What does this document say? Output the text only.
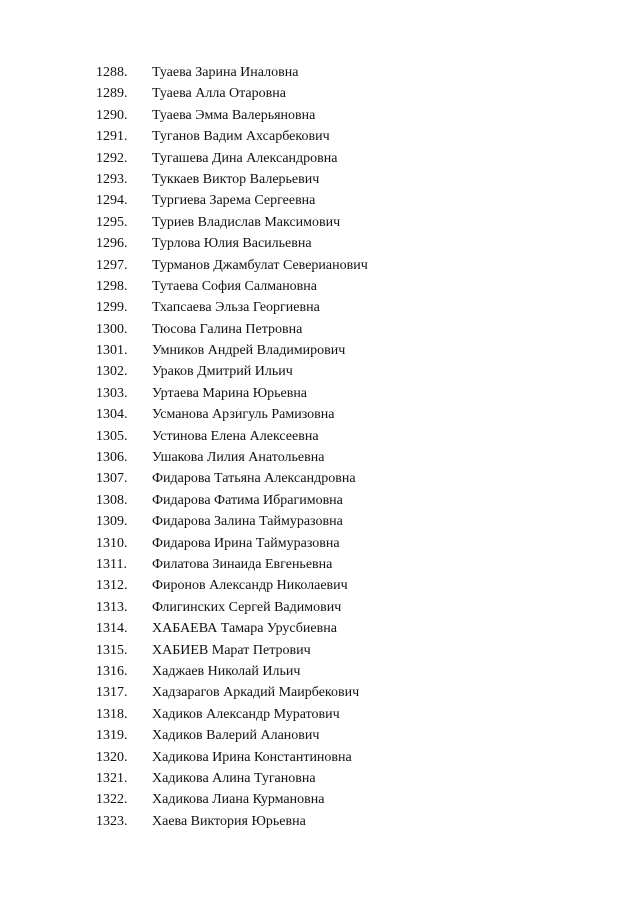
1288. Туаева Зарина Иналовна
1289. Туаева Алла Отаровна
1290. Туаева Эмма Валерьяновна
1291. Туганов Вадим Ахсарбекович
1292. Тугашева Дина Александровна
1293. Туккаев Виктор Валерьевич
1294. Тургиева Зарема Сергеевна
1295. Туриев Владислав Максимович
1296. Турлова Юлия Васильевна
1297. Турманов Джамбулат Северианович
1298. Тутаева София Салмановна
1299. Тхапсаева Эльза Георгиевна
1300. Тюсова Галина Петровна
1301. Умников Андрей Владимирович
1302. Ураков Дмитрий Ильич
1303. Уртаева Марина Юрьевна
1304. Усманова Арзигуль Рамизовна
1305. Устинова Елена Алексеевна
1306. Ушакова Лилия Анатольевна
1307. Фидарова Татьяна Александровна
1308. Фидарова Фатима Ибрагимовна
1309. Фидарова Залина Таймуразовна
1310. Фидарова Ирина Таймуразовна
1311. Филатова Зинаида Евгеньевна
1312. Фиронов Александр Николаевич
1313. Флигинских Сергей Вадимович
1314. ХАБАЕВА Тамара Урусбиевна
1315. ХАБИЕВ Марат Петрович
1316. Хаджаев Николай Ильич
1317. Хадзарагов Аркадий Маирбекович
1318. Хадиков Александр Муратович
1319. Хадиков Валерий Аланович
1320. Хадикова Ирина Константиновна
1321. Хадикова Алина Тугановна
1322. Хадикова Лиана Курмановна
1323. Хаева Виктория Юрьевна
